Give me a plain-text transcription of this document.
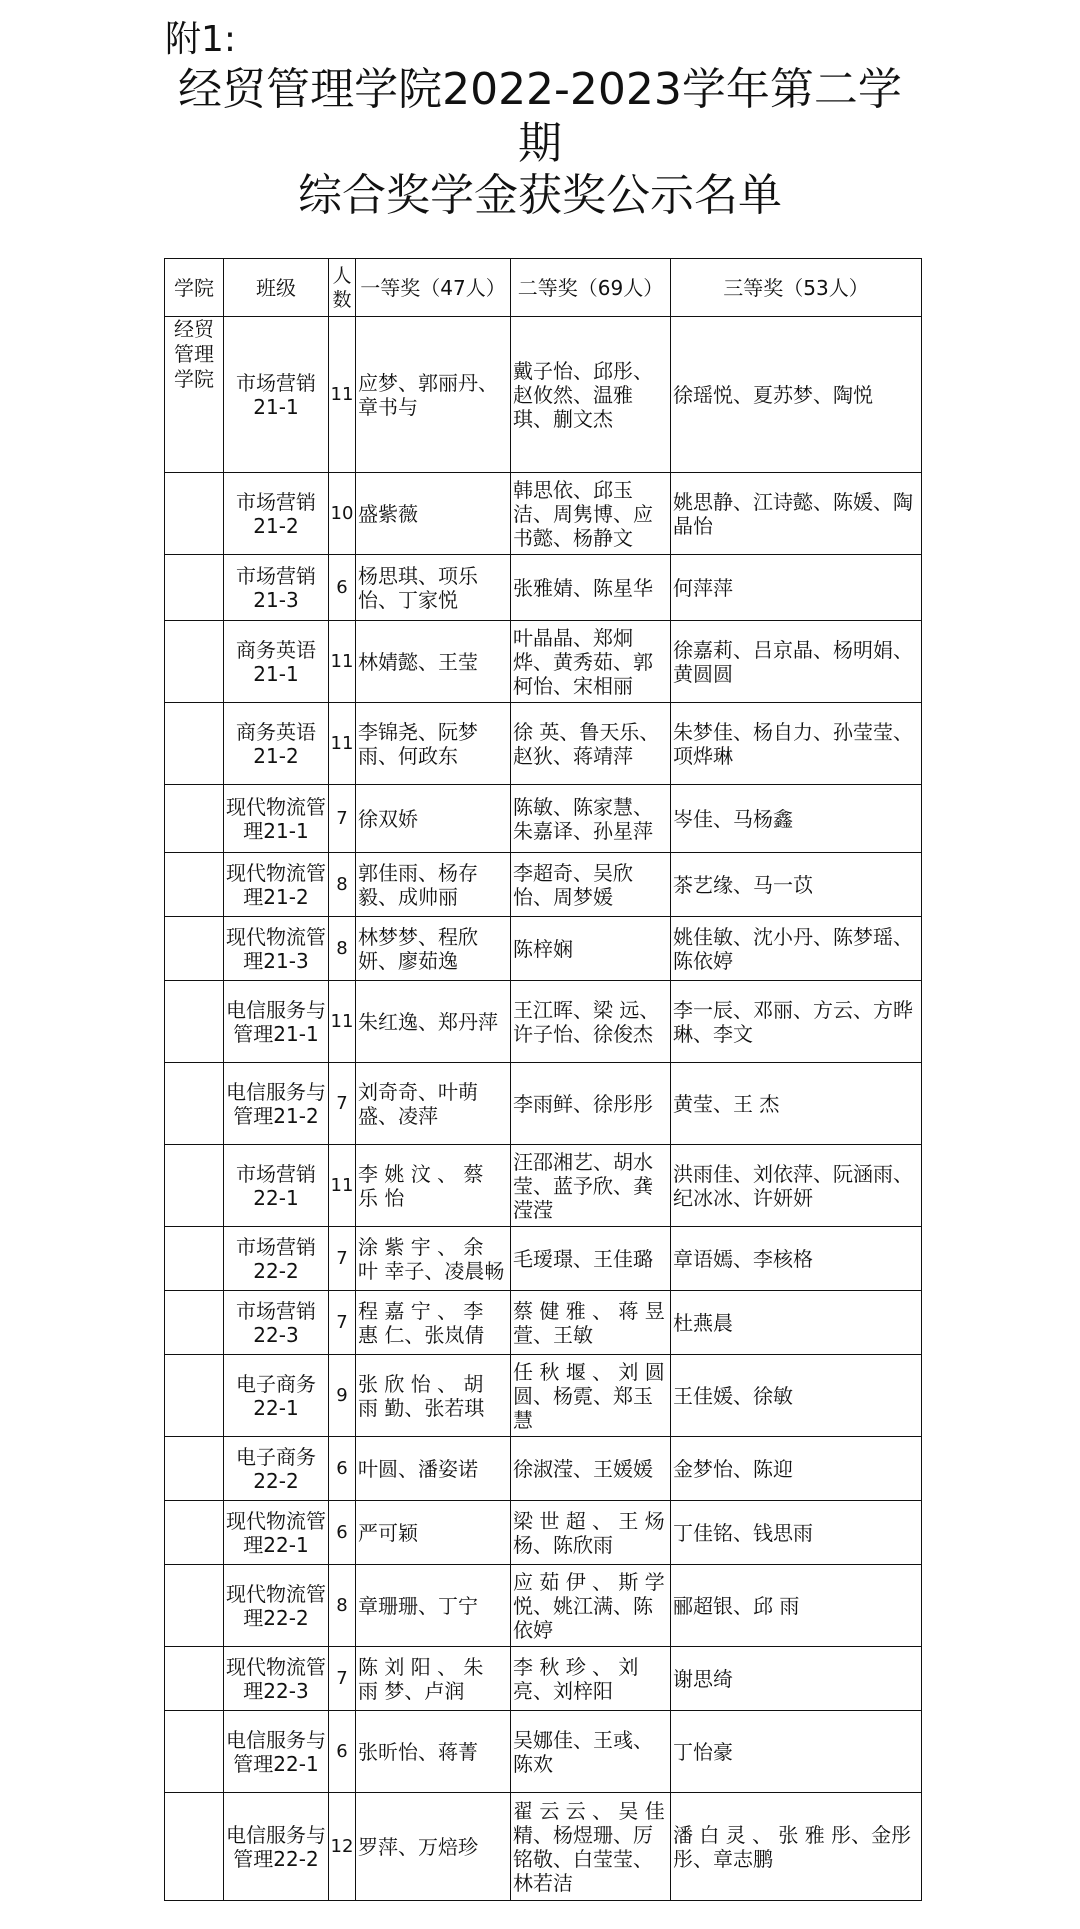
附1:
经贸管理学院2022-2023学年第二学
期
综合奖学金获奖公示名单
学院	班级	人数	一等奖（47人）	二等奖（69人）	三等奖（53人）
经贸管理学院	市场营销21-1	11	应梦、郭丽丹、章书与	戴子怡、邱彤、赵攸然、温雅琪、蒯文杰	徐瑶悦、夏苏梦、陶悦
	市场营销21-2	10	盛紫薇	韩思依、邱玉洁、周隽博、应书懿、杨静文	姚思静、江诗懿、陈媛、陶晶怡
	市场营销21-3	6	杨思琪、项乐怡、丁家悦	张雅婧、陈星华	何萍萍
	商务英语21-1	11	林婧懿、王莹	叶晶晶、郑炯烨、黄秀茹、郭柯怡、宋相丽	徐嘉莉、吕京晶、杨明娟、黄圆圆
	商务英语21-2	11	李锦尧、阮梦雨、何政东	徐 英、鲁天乐、赵狄、蒋靖萍	朱梦佳、杨自力、孙莹莹、项烨琳
	现代物流管理21-1	7	徐双娇	陈敏、陈家慧、朱嘉译、孙星萍	岑佳、马杨鑫
	现代物流管理21-2	8	郭佳雨、杨存毅、成帅丽	李超奇、吴欣怡、周梦媛	茶艺缘、马一苡
	现代物流管理21-3	8	林梦梦、程欣妍、廖茹逸	陈梓娴	姚佳敏、沈小丹、陈梦瑶、陈依婷
	电信服务与管理21-1	11	朱红逸、郑丹萍	王江晖、梁 远、许子怡、徐俊杰	李一辰、邓丽、方云、方晔琳、李文
	电信服务与管理21-2	7	刘奇奇、叶萌盛、凌萍	李雨鲜、徐彤彤	黄莹、王 杰
	市场营销22-1	11	李 姚 汶 、 蔡 乐 怡	汪邵湘艺、胡水莹、蓝予欣、龚滢滢	洪雨佳、刘依萍、阮涵雨、纪冰冰、许妍妍
	市场营销22-2	7	涂 紫 宇 、 余 叶 幸子、凌晨畅	毛瑷璟、王佳璐	章语嫣、李核格
	市场营销22-3	7	程 嘉 宁 、 李 惠 仁、张岚倩	蔡 健 雅 、 蒋 昱 萱、王敏	杜燕晨
	电子商务22-1	9	张 欣 怡 、 胡 雨 勤、张若琪	任 秋 堰 、 刘 圆 圆、杨霓、郑玉慧	王佳媛、徐敏
	电子商务22-2	6	叶圆、潘姿诺	徐淑滢、王媛媛	金梦怡、陈迎
	现代物流管理22-1	6	严可颖	梁 世 超 、 王 炀 杨、陈欣雨	丁佳铭、钱思雨
	现代物流管理22-2	8	章珊珊、丁宁	应 茹 伊 、 斯 学 悦、姚江满、陈依婷	郦超银、邱 雨
	现代物流管理22-3	7	陈 刘 阳 、 朱 雨 梦、卢润	李 秋 珍 、 刘 亮、刘梓阳	谢思绮
	电信服务与管理22-1	6	张昕怡、蒋菁	吴娜佳、王彧、陈欢	丁怡豪
	电信服务与管理22-2	12	罗萍、万焙珍	翟 云 云 、 吴 佳 精、杨煜珊、厉铭敬、白莹莹、林若洁	潘 白 灵 、 张 雅 彤、金彤彤、章志鹏
